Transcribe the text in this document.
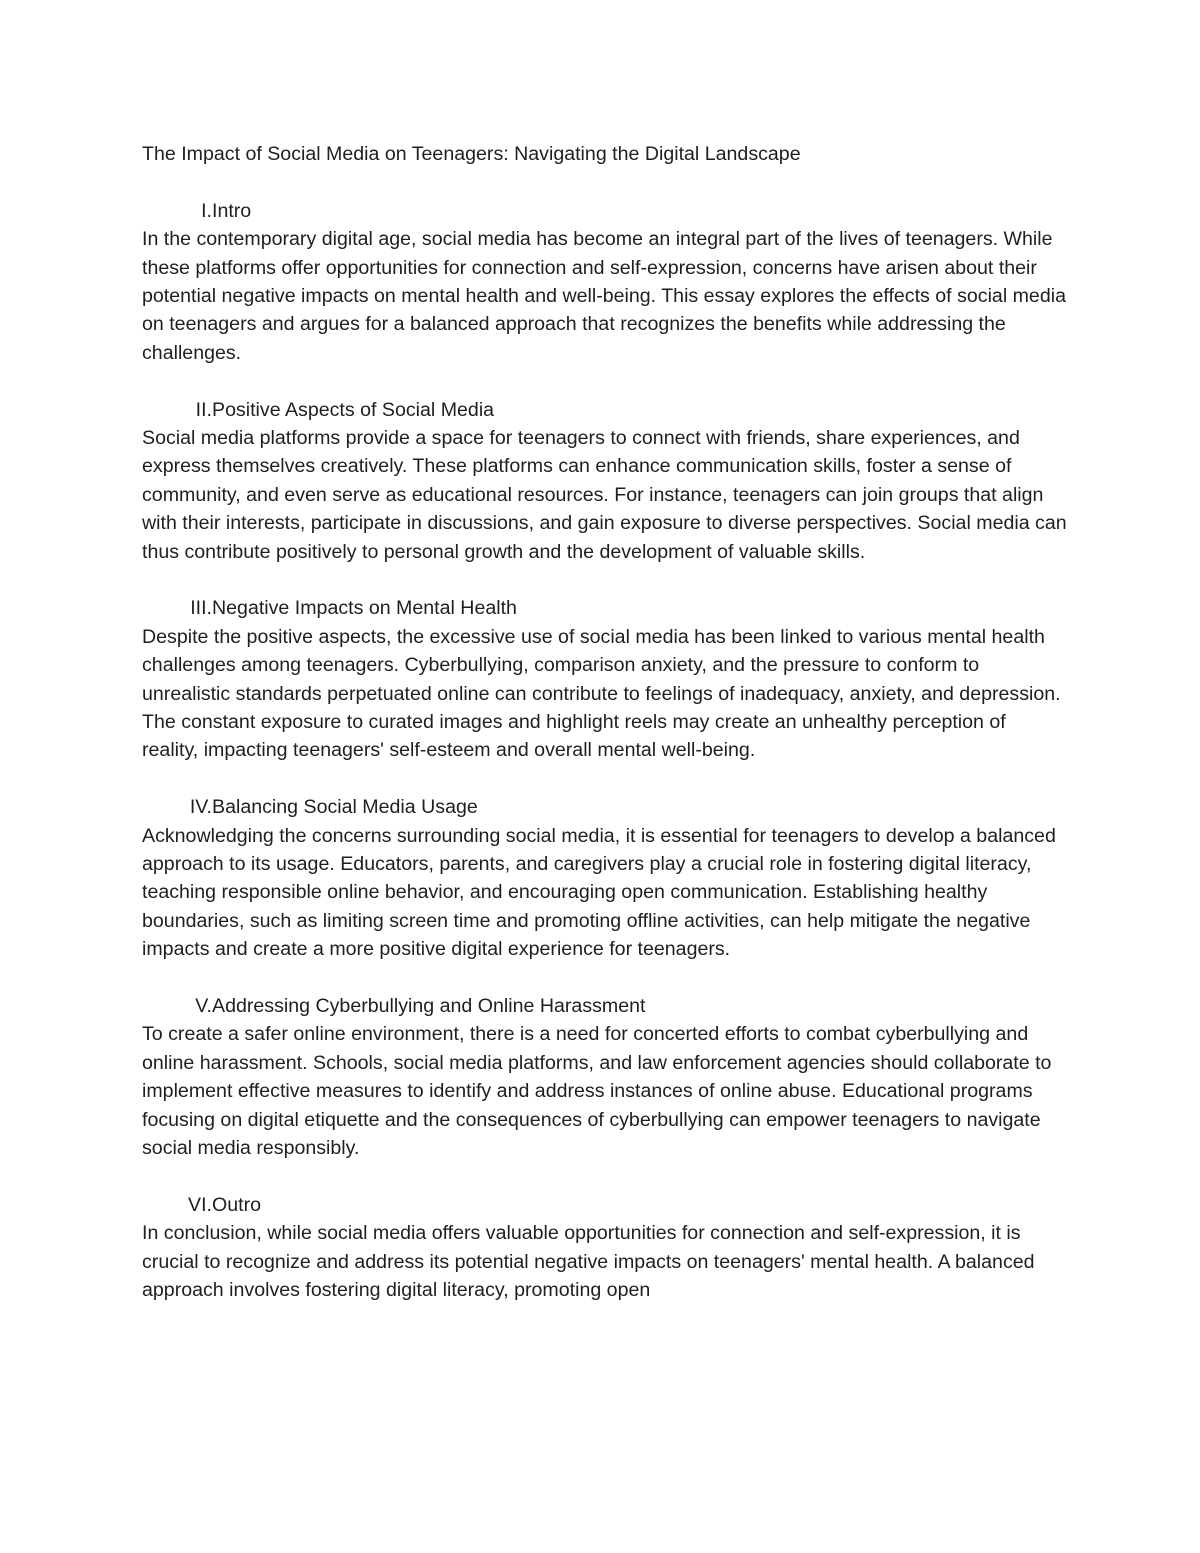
The Impact of Social Media on Teenagers: Navigating the Digital Landscape
I. Intro

In the contemporary digital age, social media has become an integral part of the lives of teenagers. While these platforms offer opportunities for connection and self-expression, concerns have arisen about their potential negative impacts on mental health and well-being. This essay explores the effects of social media on teenagers and argues for a balanced approach that recognizes the benefits while addressing the challenges.

II. Positive Aspects of Social Media

Social media platforms provide a space for teenagers to connect with friends, share experiences, and express themselves creatively. These platforms can enhance communication skills, foster a sense of community, and even serve as educational resources. For instance, teenagers can join groups that align with their interests, participate in discussions, and gain exposure to diverse perspectives. Social media can thus contribute positively to personal growth and the development of valuable skills.

III. Negative Impacts on Mental Health

Despite the positive aspects, the excessive use of social media has been linked to various mental health challenges among teenagers. Cyberbullying, comparison anxiety, and the pressure to conform to unrealistic standards perpetuated online can contribute to feelings of inadequacy, anxiety, and depression. The constant exposure to curated images and highlight reels may create an unhealthy perception of reality, impacting teenagers' self-esteem and overall mental well-being.

IV. Balancing Social Media Usage

Acknowledging the concerns surrounding social media, it is essential for teenagers to develop a balanced approach to its usage. Educators, parents, and caregivers play a crucial role in fostering digital literacy, teaching responsible online behavior, and encouraging open communication. Establishing healthy boundaries, such as limiting screen time and promoting offline activities, can help mitigate the negative impacts and create a more positive digital experience for teenagers.

V. Addressing Cyberbullying and Online Harassment

To create a safer online environment, there is a need for concerted efforts to combat cyberbullying and online harassment. Schools, social media platforms, and law enforcement agencies should collaborate to implement effective measures to identify and address instances of online abuse. Educational programs focusing on digital etiquette and the consequences of cyberbullying can empower teenagers to navigate social media responsibly.

VI. Outro

In conclusion, while social media offers valuable opportunities for connection and self-expression, it is crucial to recognize and address its potential negative impacts on teenagers' mental health. A balanced approach involves fostering digital literacy, promoting open
